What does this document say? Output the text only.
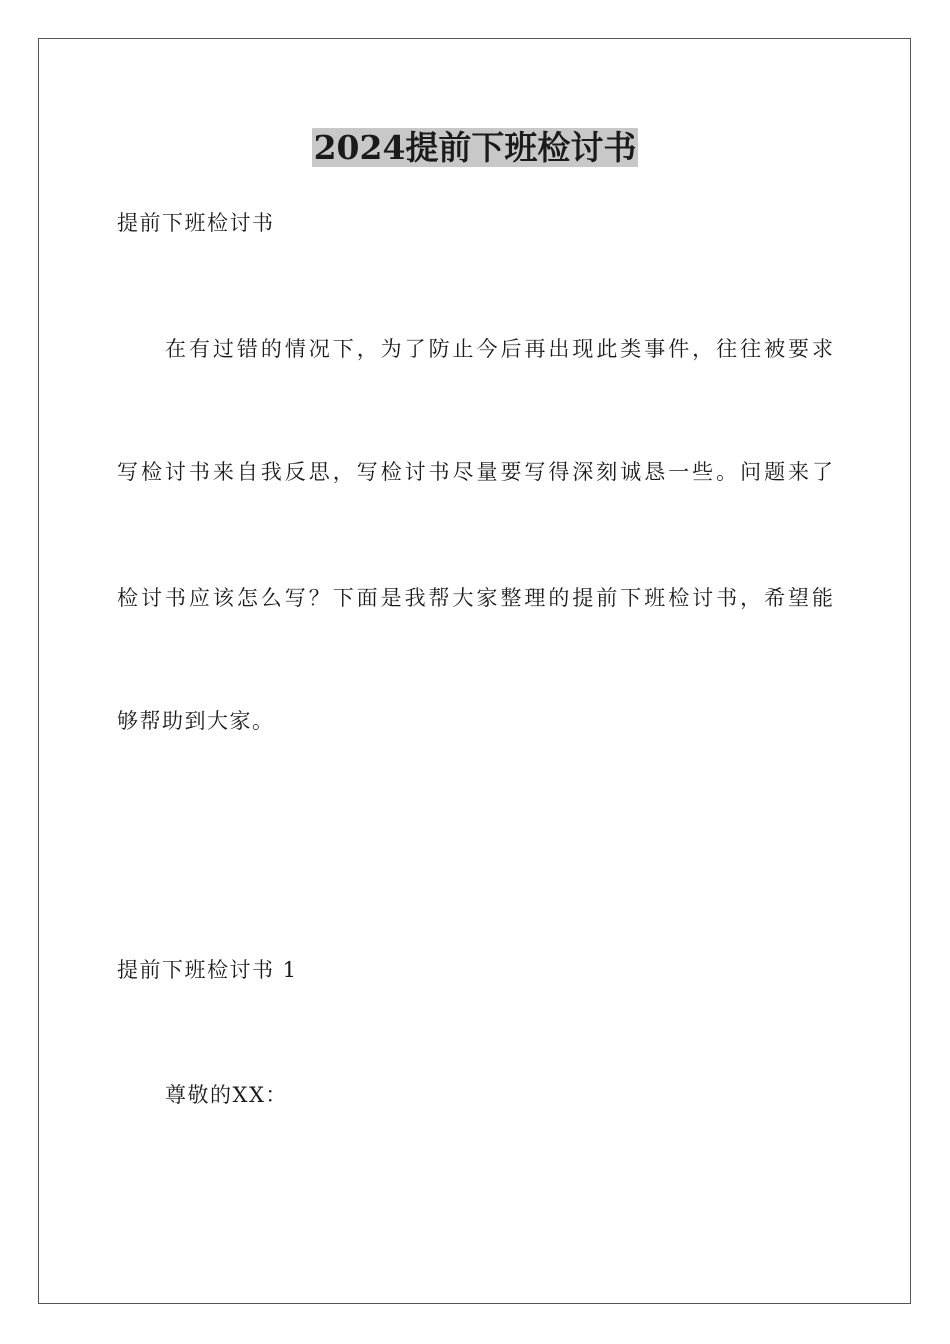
2024提前下班检讨书
提前下班检讨书
在有过错的情况下，为了防止今后再出现此类事件，往往被要求
写检讨书来自我反思，写检讨书尽量要写得深刻诚恳一些。问题来了
检讨书应该怎么写？下面是我帮大家整理的提前下班检讨书，希望能
够帮助到大家。
提前下班检讨书 1
尊敬的XX：
